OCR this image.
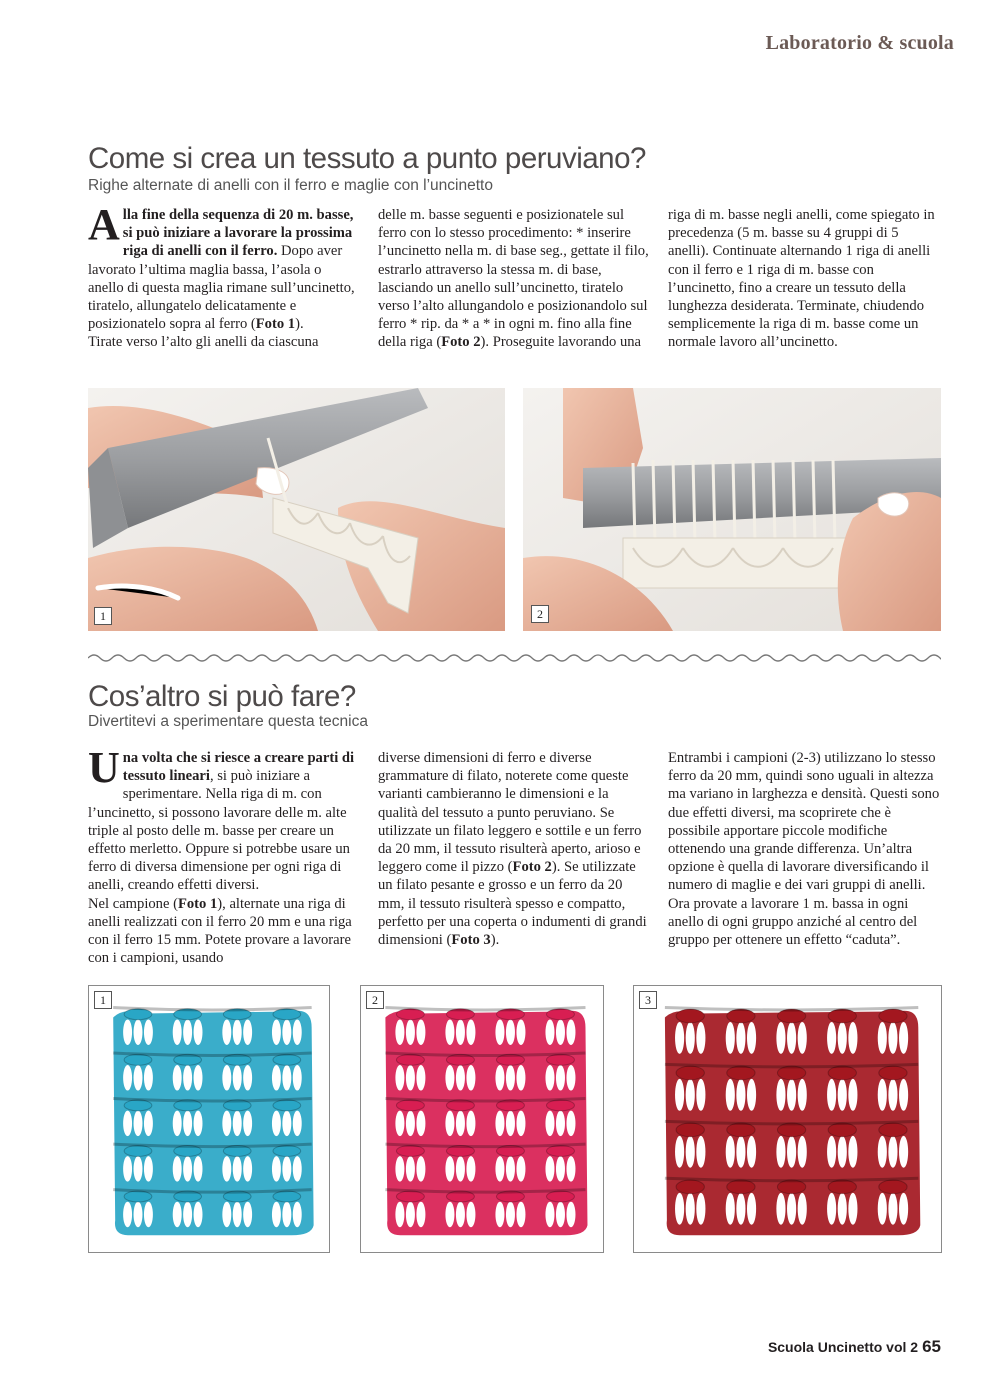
Laboratorio & scuola
Come si crea un tessuto a punto peruviano?
Righe alternate di anelli con il ferro e maglie con l’uncinetto

Alla fine della sequenza di 20 m. basse, si può iniziare a lavorare la prossima riga di anelli con il ferro. Dopo aver lavorato l’ultima maglia bassa, l’asola o anello di questa maglia rimane sull’uncinetto, tiratelo, allungatelo delicatamente e posizionatelo sopra al ferro (Foto 1).

Tirate verso l’alto gli anelli da ciascuna

delle m. basse seguenti e posizionatele sul ferro con lo stesso procedimento: * inserire l’uncinetto nella m. di base seg., gettate il filo, estrarlo attraverso la stessa m. di base, lasciando un anello sull’uncinetto, tiratelo verso l’alto allungandolo e posizionandolo sul ferro * rip. da * a * in ogni m. fino alla fine della riga (Foto 2). Proseguite lavorando una

riga di m. basse negli anelli, come spiegato in precedenza (5 m. basse su 4 gruppi di 5 anelli). Continuate alternando 1 riga di anelli con il ferro e 1 riga di m. basse con l’uncinetto, fino a creare un tessuto della lunghezza desiderata. Terminate, chiudendo semplicemente la riga di m. basse come un normale lavoro all’uncinetto.

1	2
Cos’altro si può fare?
Divertitevi a sperimentare questa tecnica

Una volta che si riesce a creare parti di tessuto lineari, si può iniziare a sperimentare. Nella riga di m. con l’uncinetto, si possono lavorare delle m. alte triple al posto delle m. basse per creare un effetto merletto. Oppure si potrebbe usare un ferro di diversa dimensione per ogni riga di anelli, creando effetti diversi.

Nel campione (Foto 1), alternate una riga di anelli realizzati con il ferro 20 mm e una riga con il ferro 15 mm. Potete provare a lavorare con i campioni, usando

diverse dimensioni di ferro e diverse grammature di filato, noterete come queste varianti cambieranno le dimensioni e la qualità del tessuto a punto peruviano. Se utilizzate un filato leggero e sottile e un ferro da 20 mm, il tessuto risulterà aperto, arioso e leggero come il pizzo (Foto 2). Se utilizzate un filato pesante e grosso e un ferro da 20 mm, il tessuto risulterà spesso e compatto, perfetto per una coperta o indumenti di grandi dimensioni (Foto 3).

Entrambi i campioni (2-3) utilizzano lo stesso ferro da 20 mm, quindi sono uguali in altezza ma variano in larghezza e densità. Questi sono due effetti diversi, ma scoprirete che è possibile apportare piccole modifiche ottenendo una grande differenza. Un’altra opzione è quella di lavorare diversificando il numero di maglie e dei vari gruppi di anelli. Ora provate a lavorare 1 m. bassa in ogni anello di ogni gruppo anziché al centro del gruppo per ottenere un effetto “caduta”.

1	2	3
Scuola Uncinetto vol 2 65
